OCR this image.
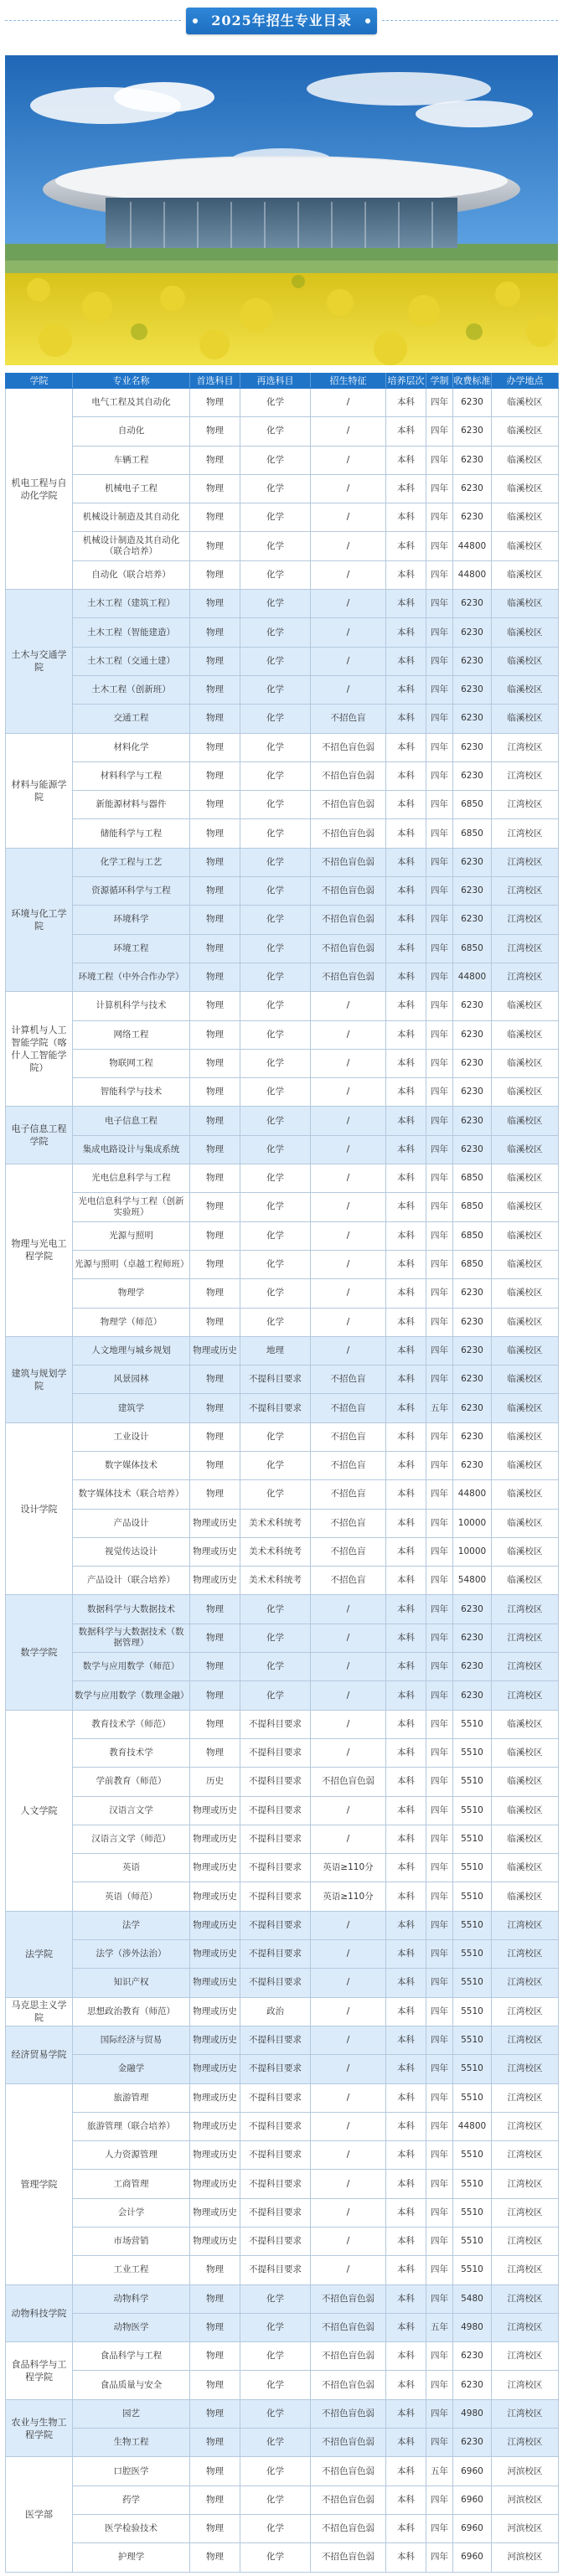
2025年招生专业目录
学院	专业名称	首选科目	再选科目	招生特征	培养层次	学制	收费标准	办学地点
机电工程与自动化学院	电气工程及其自动化	物理	化学	/	本科	四年	6230	临溪校区
	自动化	物理	化学	/	本科	四年	6230	临溪校区
	车辆工程	物理	化学	/	本科	四年	6230	临溪校区
	机械电子工程	物理	化学	/	本科	四年	6230	临溪校区
	机械设计制造及其自动化	物理	化学	/	本科	四年	6230	临溪校区
	机械设计制造及其自动化（联合培养）	物理	化学	/	本科	四年	44800	临溪校区
	自动化（联合培养）	物理	化学	/	本科	四年	44800	临溪校区
土木与交通学院	土木工程（建筑工程）	物理	化学	/	本科	四年	6230	临溪校区
	土木工程（智能建造）	物理	化学	/	本科	四年	6230	临溪校区
	土木工程（交通土建）	物理	化学	/	本科	四年	6230	临溪校区
	土木工程（创新班）	物理	化学	/	本科	四年	6230	临溪校区
	交通工程	物理	化学	不招色盲	本科	四年	6230	临溪校区
材料与能源学院	材料化学	物理	化学	不招色盲色弱	本科	四年	6230	江湾校区
	材料科学与工程	物理	化学	不招色盲色弱	本科	四年	6230	江湾校区
	新能源材料与器件	物理	化学	不招色盲色弱	本科	四年	6850	江湾校区
	储能科学与工程	物理	化学	不招色盲色弱	本科	四年	6850	江湾校区
环境与化工学院	化学工程与工艺	物理	化学	不招色盲色弱	本科	四年	6230	江湾校区
	资源循环科学与工程	物理	化学	不招色盲色弱	本科	四年	6230	江湾校区
	环境科学	物理	化学	不招色盲色弱	本科	四年	6230	江湾校区
	环境工程	物理	化学	不招色盲色弱	本科	四年	6850	江湾校区
	环境工程（中外合作办学）	物理	化学	不招色盲色弱	本科	四年	44800	江湾校区
计算机与人工智能学院（喀什人工智能学院）	计算机科学与技术	物理	化学	/	本科	四年	6230	临溪校区
	网络工程	物理	化学	/	本科	四年	6230	临溪校区
	物联网工程	物理	化学	/	本科	四年	6230	临溪校区
	智能科学与技术	物理	化学	/	本科	四年	6230	临溪校区
电子信息工程学院	电子信息工程	物理	化学	/	本科	四年	6230	临溪校区
	集成电路设计与集成系统	物理	化学	/	本科	四年	6230	临溪校区
物理与光电工程学院	光电信息科学与工程	物理	化学	/	本科	四年	6850	临溪校区
	光电信息科学与工程（创新实验班）	物理	化学	/	本科	四年	6850	临溪校区
	光源与照明	物理	化学	/	本科	四年	6850	临溪校区
	光源与照明（卓越工程师班）	物理	化学	/	本科	四年	6850	临溪校区
	物理学	物理	化学	/	本科	四年	6230	临溪校区
	物理学（师范）	物理	化学	/	本科	四年	6230	临溪校区
建筑与规划学院	人文地理与城乡规划	物理或历史	地理	/	本科	四年	6230	临溪校区
	风景园林	物理	不提科目要求	不招色盲	本科	四年	6230	临溪校区
	建筑学	物理	不提科目要求	不招色盲	本科	五年	6230	临溪校区
设计学院	工业设计	物理	化学	不招色盲	本科	四年	6230	临溪校区
	数字媒体技术	物理	化学	不招色盲	本科	四年	6230	临溪校区
	数字媒体技术（联合培养）	物理	化学	不招色盲	本科	四年	44800	临溪校区
	产品设计	物理或历史	美术术科统考	不招色盲	本科	四年	10000	临溪校区
	视觉传达设计	物理或历史	美术术科统考	不招色盲	本科	四年	10000	临溪校区
	产品设计（联合培养）	物理或历史	美术术科统考	不招色盲	本科	四年	54800	临溪校区
数学学院	数据科学与大数据技术	物理	化学	/	本科	四年	6230	江湾校区
	数据科学与大数据技术（数据管理）	物理	化学	/	本科	四年	6230	江湾校区
	数学与应用数学（师范）	物理	化学	/	本科	四年	6230	江湾校区
	数学与应用数学（数理金融）	物理	化学	/	本科	四年	6230	江湾校区
人文学院	教育技术学（师范）	物理	不提科目要求	/	本科	四年	5510	临溪校区
	教育技术学	物理	不提科目要求	/	本科	四年	5510	临溪校区
	学前教育（师范）	历史	不提科目要求	不招色盲色弱	本科	四年	5510	临溪校区
	汉语言文学	物理或历史	不提科目要求	/	本科	四年	5510	临溪校区
	汉语言文学（师范）	物理或历史	不提科目要求	/	本科	四年	5510	临溪校区
	英语	物理或历史	不提科目要求	英语≥110分	本科	四年	5510	临溪校区
	英语（师范）	物理或历史	不提科目要求	英语≥110分	本科	四年	5510	临溪校区
法学院	法学	物理或历史	不提科目要求	/	本科	四年	5510	江湾校区
	法学（涉外法治）	物理或历史	不提科目要求	/	本科	四年	5510	江湾校区
	知识产权	物理或历史	不提科目要求	/	本科	四年	5510	江湾校区
马克思主义学院	思想政治教育（师范）	物理或历史	政治	/	本科	四年	5510	江湾校区
经济贸易学院	国际经济与贸易	物理或历史	不提科目要求	/	本科	四年	5510	江湾校区
	金融学	物理或历史	不提科目要求	/	本科	四年	5510	江湾校区
管理学院	旅游管理	物理或历史	不提科目要求	/	本科	四年	5510	江湾校区
	旅游管理（联合培养）	物理或历史	不提科目要求	/	本科	四年	44800	江湾校区
	人力资源管理	物理或历史	不提科目要求	/	本科	四年	5510	江湾校区
	工商管理	物理或历史	不提科目要求	/	本科	四年	5510	江湾校区
	会计学	物理或历史	不提科目要求	/	本科	四年	5510	江湾校区
	市场营销	物理或历史	不提科目要求	/	本科	四年	5510	江湾校区
	工业工程	物理	不提科目要求	/	本科	四年	5510	江湾校区
动物科技学院	动物科学	物理	化学	不招色盲色弱	本科	四年	5480	江湾校区
	动物医学	物理	化学	不招色盲色弱	本科	五年	4980	江湾校区
食品科学与工程学院	食品科学与工程	物理	化学	不招色盲色弱	本科	四年	6230	江湾校区
	食品质量与安全	物理	化学	不招色盲色弱	本科	四年	6230	江湾校区
农业与生物工程学院	园艺	物理	化学	不招色盲色弱	本科	四年	4980	江湾校区
	生物工程	物理	化学	不招色盲色弱	本科	四年	6230	江湾校区
医学部	口腔医学	物理	化学	不招色盲色弱	本科	五年	6960	河滨校区
	药学	物理	化学	不招色盲色弱	本科	四年	6960	河滨校区
	医学检验技术	物理	化学	不招色盲色弱	本科	四年	6960	河滨校区
	护理学	物理	化学	不招色盲色弱	本科	四年	6960	河滨校区
